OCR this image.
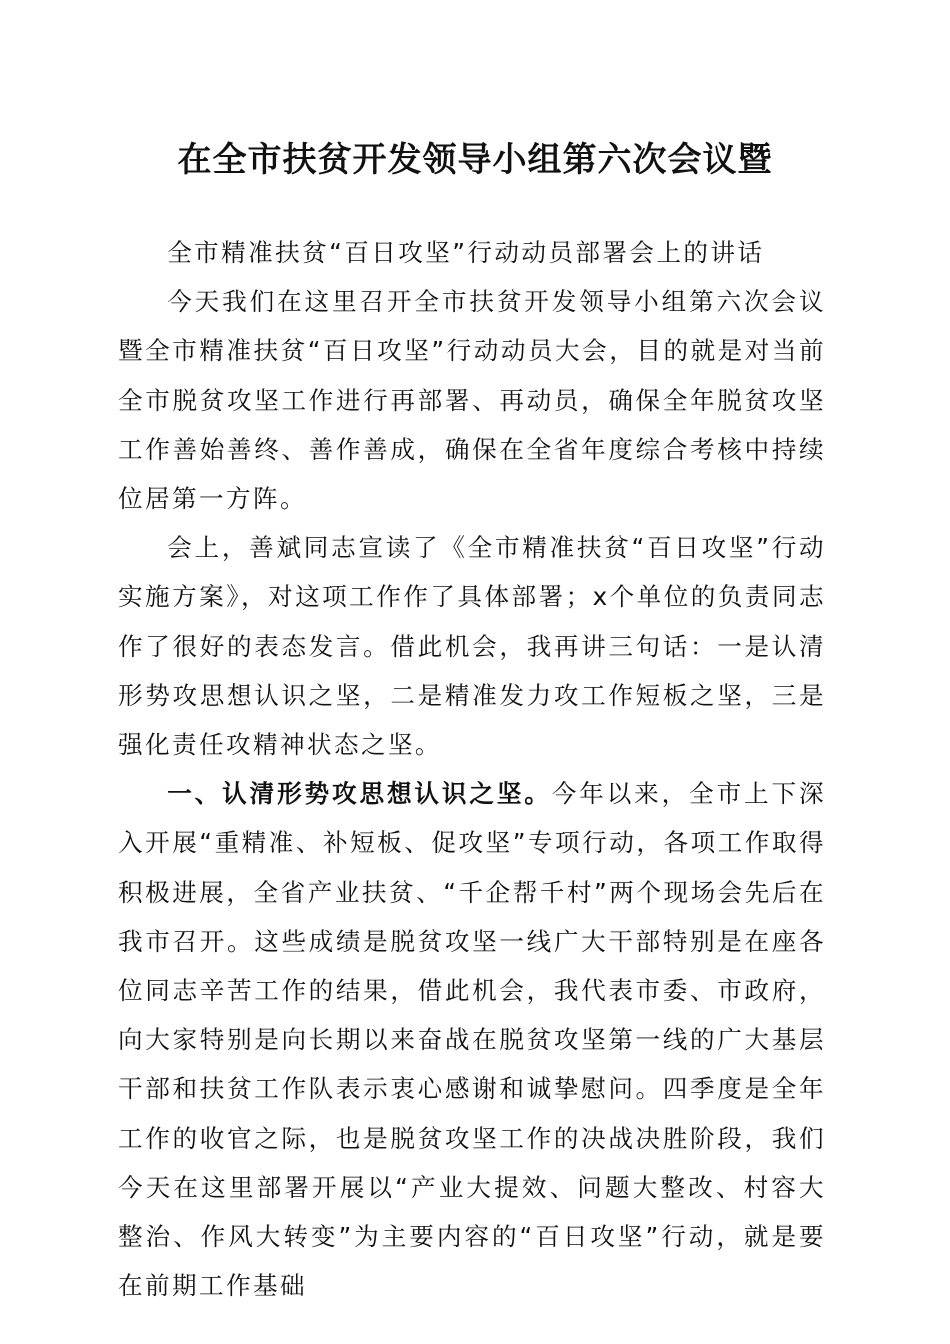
在全市扶贫开发领导小组第六次会议暨

全市精准扶贫“百日攻坚”行动动员部署会上的讲话

今天我们在这里召开全市扶贫开发领导小组第六次会议暨全市精准扶贫“百日攻坚”行动动员大会，目的就是对当前全市脱贫攻坚工作进行再部署、再动员，确保全年脱贫攻坚工作善始善终、善作善成，确保在全省年度综合考核中持续位居第一方阵。

会上，善斌同志宣读了《全市精准扶贫“百日攻坚”行动实施方案》，对这项工作作了具体部署；x个单位的负责同志作了很好的表态发言。借此机会，我再讲三句话：一是认清形势攻思想认识之坚，二是精准发力攻工作短板之坚，三是强化责任攻精神状态之坚。

一、认清形势攻思想认识之坚。今年以来，全市上下深入开展“重精准、补短板、促攻坚”专项行动，各项工作取得积极进展，全省产业扶贫、“千企帮千村”两个现场会先后在我市召开。这些成绩是脱贫攻坚一线广大干部特别是在座各位同志辛苦工作的结果，借此机会，我代表市委、市政府，向大家特别是向长期以来奋战在脱贫攻坚第一线的广大基层干部和扶贫工作队表示衷心感谢和诚挚慰问。四季度是全年工作的收官之际，也是脱贫攻坚工作的决战决胜阶段，我们今天在这里部署开展以“产业大提效、问题大整改、村容大整治、作风大转变”为主要内容的“百日攻坚”行动，就是要在前期工作基础
